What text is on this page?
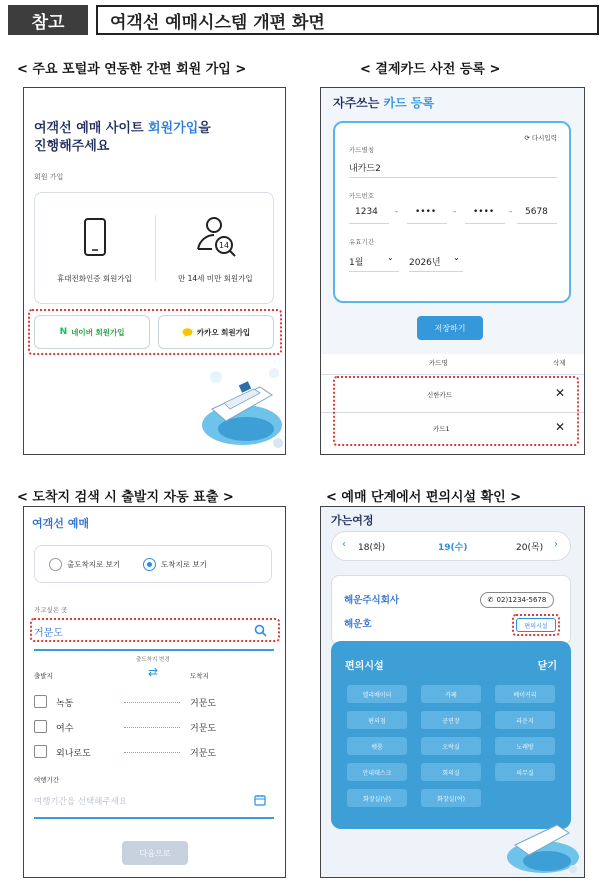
참고	여객선 예매시스템 개편 화면
< 주요 포털과 연동한 간편 회원 가입 >	< 결제카드 사전 등록 >
< 도착지 검색 시 출발지 자동 표출 >	< 예매 단계에서 편의시설 확인 >
여객선 예매 사이트 회원가입을
진행해주세요
회원 가입
휴대전화인증 회원가입
14
만 14세 미만 회원가입
N 네이버 회원가입	카카오 회원가입
자주쓰는 카드 등록
⟳ 다시입력
카드별칭
내카드2
카드번호
1234 - •••• - •••• - 5678
유효기간
1월
⌄
2026년
⌄
저장하기
카드명	삭제
신한카드	✕
카드1	✕
여객선 예매
출도착지로 보기	도착지로 보기
가고싶은 곳
거문도
출도착지 변경
출발지	⇄	도착지
녹동	거문도
여수	거문도
외나로도	거문도
여행기간
여행기간을 선택해주세요
다음으로
가는여정
‹ 18(화)	19(수)	20(목) ›
해운주식회사	✆ 02)1234-5678
해운호	편의시설
편의시설	닫기
엘리베이터	카페	베이커리
편의점	공연장	라운지
펫룸	오락실	노래방
안내데스크	회의실	의무실
화장실(남)	화장실(여)
